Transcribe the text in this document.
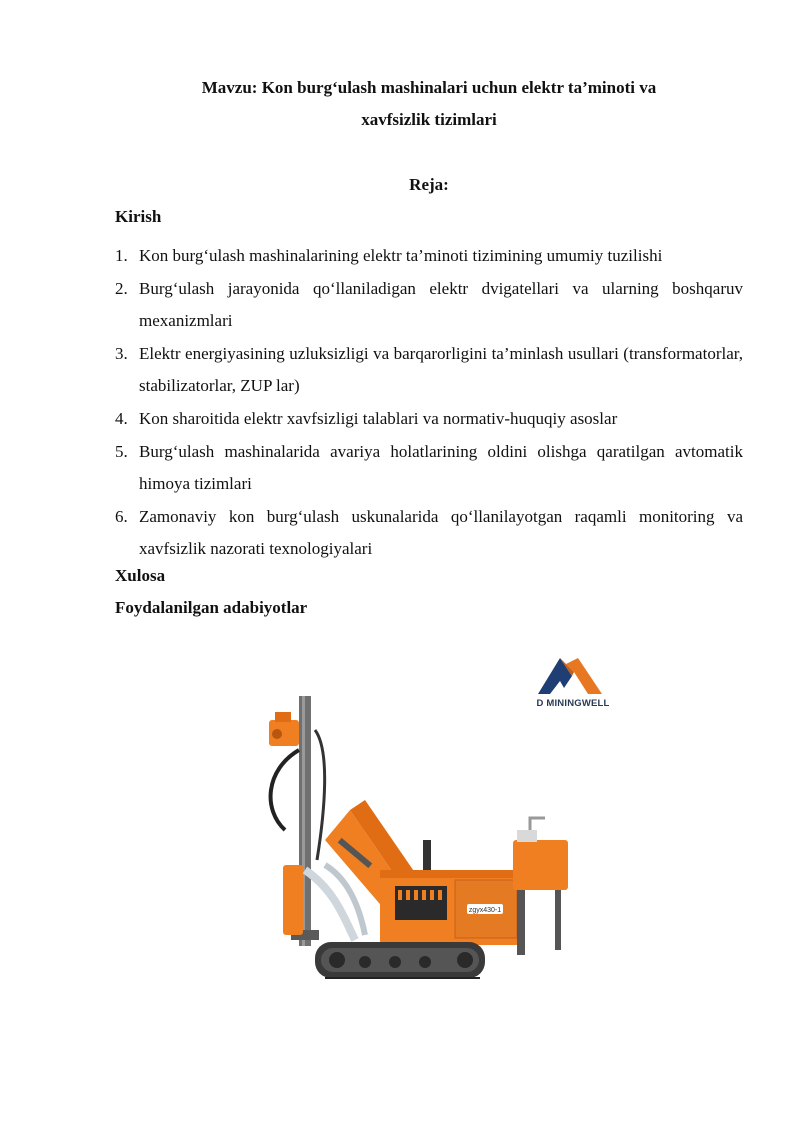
Mavzu: Kon burg‘ulash mashinalari uchun elektr ta’minoti va
xavfsizlik tizimlari
Reja:
Kirish
1. Kon burg‘ulash mashinalarining elektr ta’minoti tizimining umumiy tuzilishi
2. Burg‘ulash jarayonida qo‘llaniladigan elektr dvigatellari va ularning boshqaruv mexanizmlari
3. Elektr energiyasining uzluksizligi va barqarorligini ta’minlash usullari (transformatorlar, stabilizatorlar, ZUP lar)
4. Kon sharoitida elektr xavfsizligi talablari va normativ-huquqiy asoslar
5. Burg‘ulash mashinalarida avariya holatlarining oldini olishga qaratilgan avtomatik himoya tizimlari
6. Zamonaviy kon burg‘ulash uskunalarida qo‘llanilayotgan raqamli monitoring va xavfsizlik nazorati texnologiyalari
Xulosa
Foydalanilgan adabiyotlar
D MININGWELL
zgyx430-1
